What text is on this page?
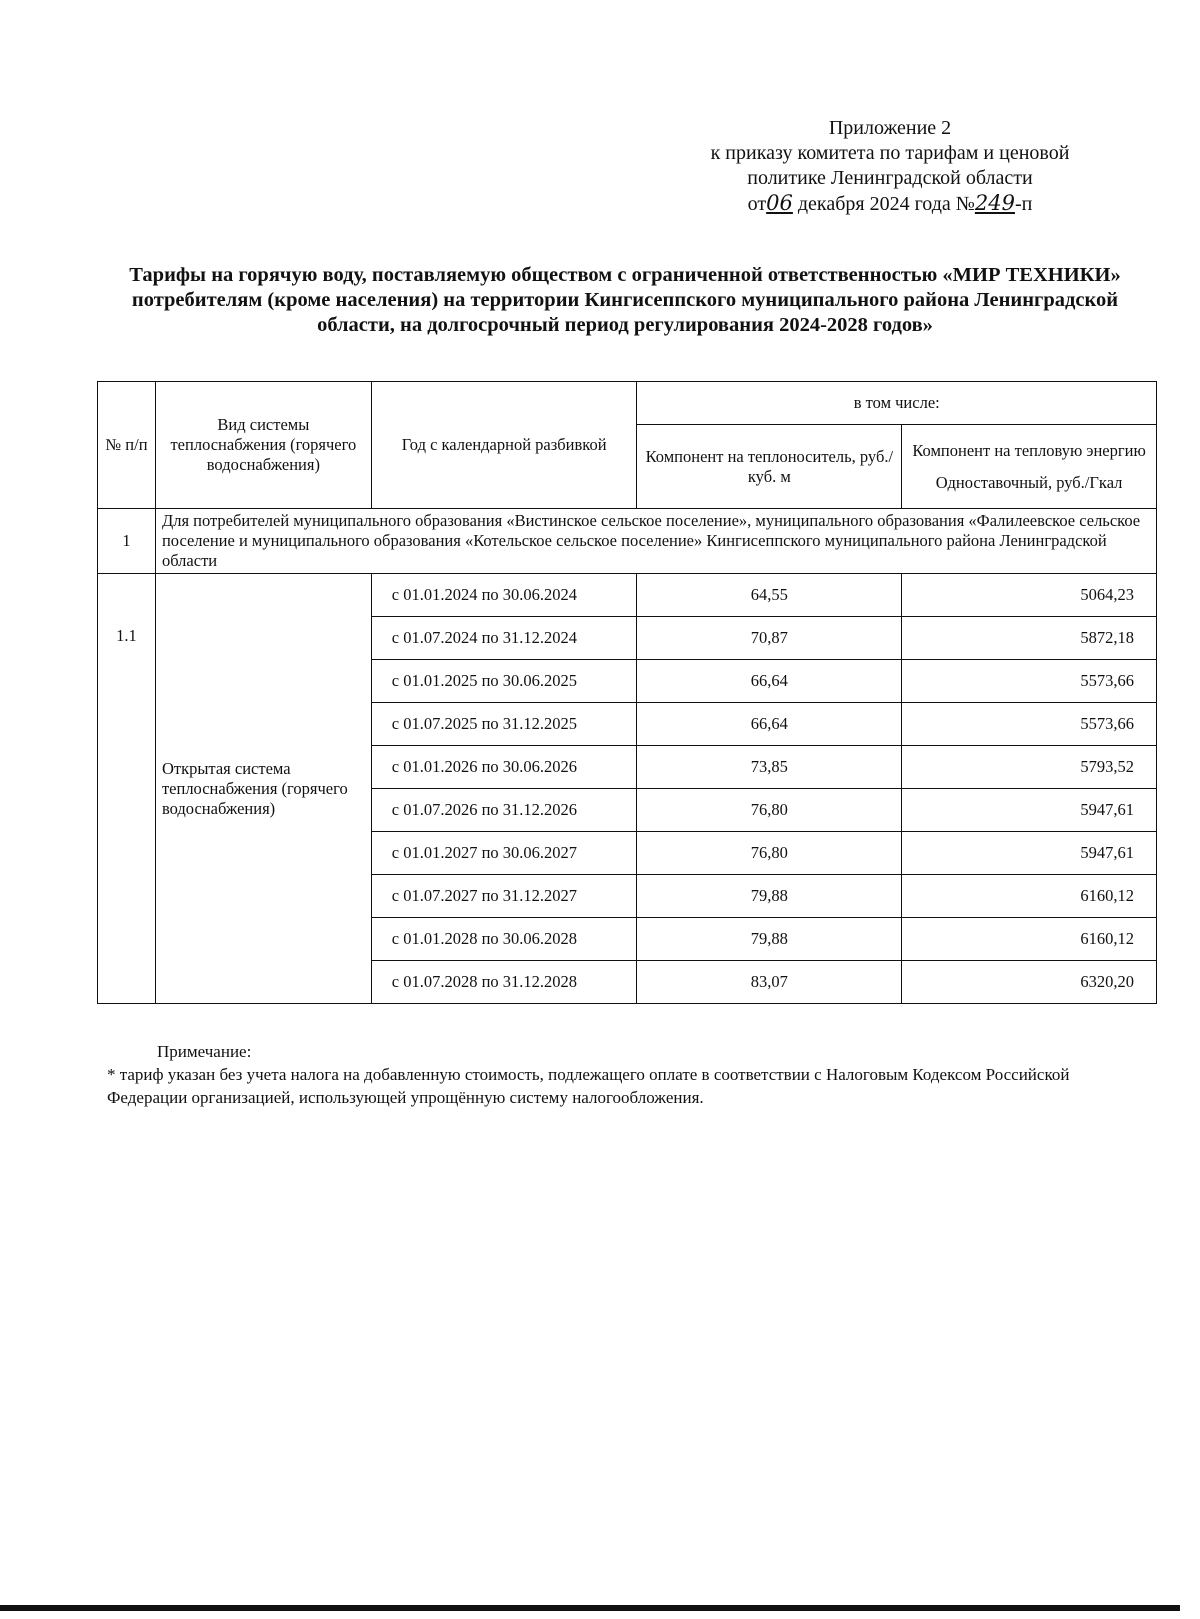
Приложение 2
к приказу комитета по тарифам и ценовой
политике Ленинградской области
от06 декабря 2024 года №249-п
Тарифы на горячую воду, поставляемую обществом с ограниченной ответственностью «МИР ТЕХНИКИ» потребителям (кроме населения) на территории Кингисеппского муниципального района Ленинградской области, на долгосрочный период регулирования 2024-2028 годов»
№ п/п	Вид системы теплоснабжения (горячего водоснабжения)	Год с календарной разбивкой	в том числе:	
			Компонент на теплоноситель, руб./куб. м	Компонент на тепловую энергию
Одноставочный, руб./Гкал

1	Для потребителей муниципального образования «Вистинское сельское поселение», муниципального образования «Фалилеевское сельское поселение и муниципального образования «Котельское сельское поселение» Кингисеппского муниципального района Ленинградской области			
1.1	Открытая система теплоснабжения (горячего водоснабжения)	с 01.01.2024 по 30.06.2024	64,55	5064,23
		с 01.07.2024 по 31.12.2024	70,87	5872,18
		с 01.01.2025 по 30.06.2025	66,64	5573,66
		с 01.07.2025 по 31.12.2025	66,64	5573,66
		с 01.01.2026 по 30.06.2026	73,85	5793,52
		с 01.07.2026 по 31.12.2026	76,80	5947,61
		с 01.01.2027 по 30.06.2027	76,80	5947,61
		с 01.07.2027 по 31.12.2027	79,88	6160,12
		с 01.01.2028 по 30.06.2028	79,88	6160,12
		с 01.07.2028 по 31.12.2028	83,07	6320,20
Примечание:
* тариф указан без учета налога на добавленную стоимость, подлежащего оплате в соответствии с Налоговым Кодексом Российской Федерации организацией, использующей упрощённую систему налогообложения.
